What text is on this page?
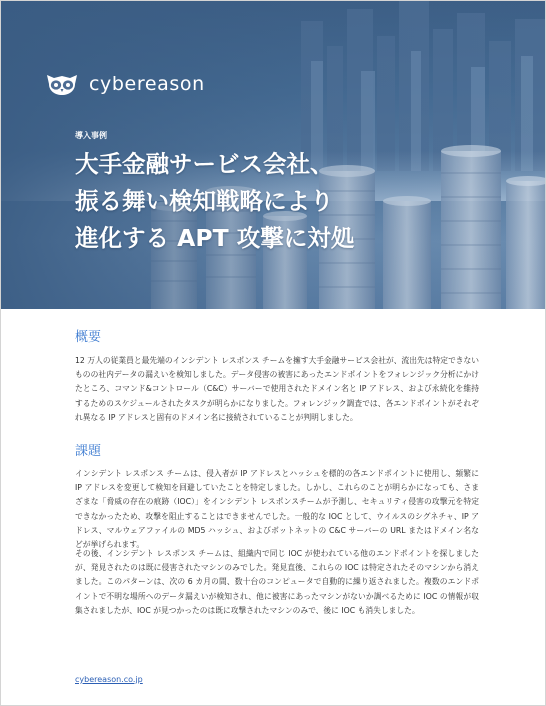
cybereason
導入事例
大手金融サービス会社、
振る舞い検知戦略により
進化する APT 攻撃に対処
概要

12 万人の従業員と最先端のインシデント レスポンス チームを擁す大手金融サービス会社が、流出先は特定できないものの社内データの漏えいを検知しました。データ侵害の被害にあったエンドポイントをフォレンジック分析にかけたところ、コマンド&コントロール（C&C）サーバーで使用されたドメイン名と IP アドレス、および永続化を維持するためのスケジュールされたタスクが明らかになりました。フォレンジック調査では、各エンドポイントがそれぞれ異なる IP アドレスと固有のドメイン名に接続されていることが判明しました。

課題

インシデント レスポンス チームは、侵入者が IP アドレスとハッシュを標的の各エンドポイントに使用し、頻繁に IP アドレスを変更して検知を回避していたことを特定しました。しかし、これらのことが明らかになっても、さまざまな「脅威の存在の痕跡（IOC）」をインシデント レスポンスチームが予測し、セキュリティ侵害の攻撃元を特定できなかったため、攻撃を阻止することはできませんでした。一般的な IOC として、ウイルスのシグネチャ、IP アドレス、マルウェアファイルの MD5 ハッシュ、およびボットネットの C&C サーバーの URL またはドメイン名などが挙げられます。

その後、インシデント レスポンス チームは、組織内で同じ IOC が使われている他のエンドポイントを探しましたが、発見されたのは既に侵害されたマシンのみでした。発見直後、これらの IOC は特定されたそのマシンから消えました。このパターンは、次の 6 カ月の間、数十台のコンピュータで自動的に繰り返されました。複数のエンドポイントで不明な場所へのデータ漏えいが検知され、他に被害にあったマシンがないか調べるために IOC の情報が収集されましたが、IOC が見つかったのは既に攻撃されたマシンのみで、後に IOC も消失しました。

cybereason.co.jp
